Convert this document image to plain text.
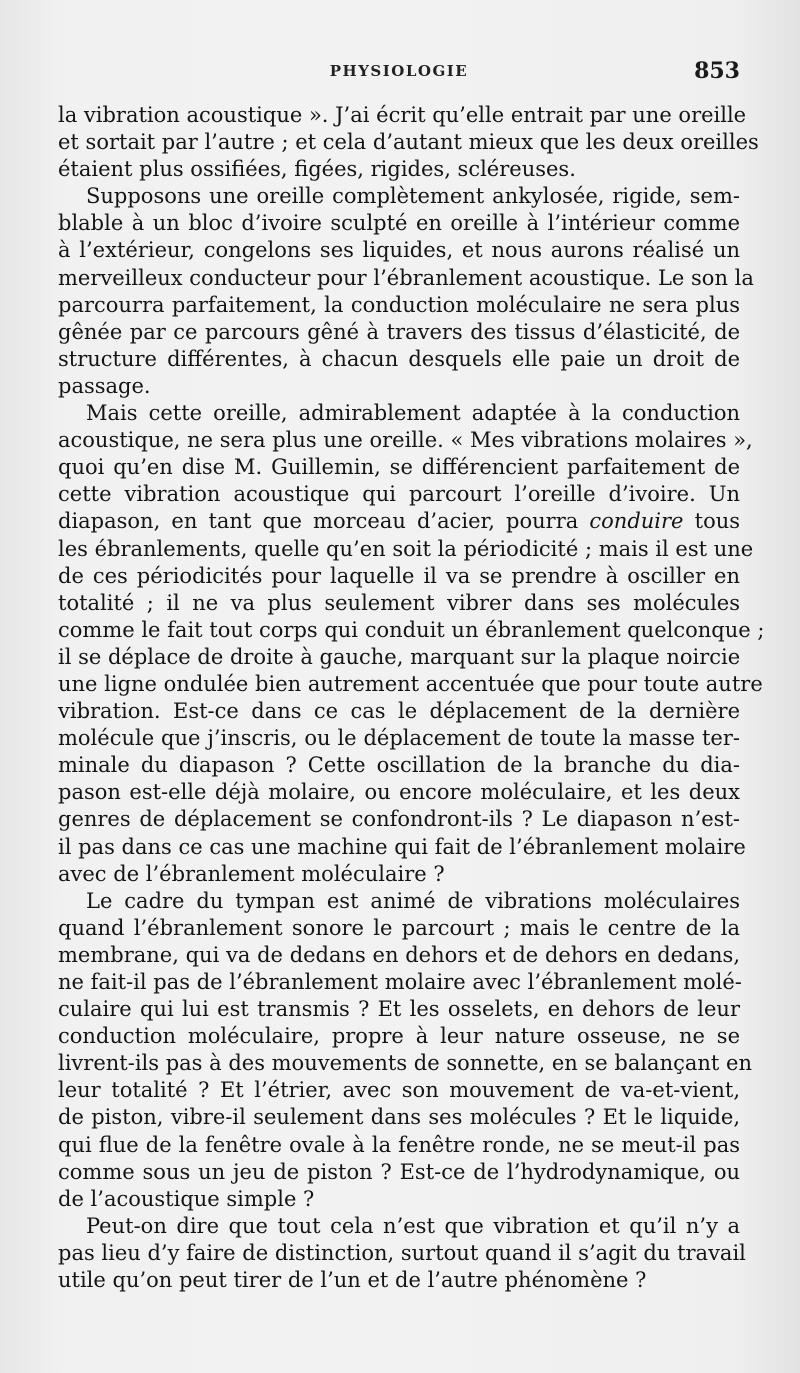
PHYSIOLOGIE	853
la vibration acoustique ». J’ai écrit qu’elle entrait par une oreille
et sortait par l’autre ; et cela d’autant mieux que les deux oreilles
étaient plus ossifiées, figées, rigides, scléreuses.
Supposons une oreille complètement ankylosée, rigide, sem-
blable à un bloc d’ivoire sculpté en oreille à l’intérieur comme
à l’extérieur, congelons ses liquides, et nous aurons réalisé un
merveilleux conducteur pour l’ébranlement acoustique. Le son la
parcourra parfaitement, la conduction moléculaire ne sera plus
gênée par ce parcours gêné à travers des tissus d’élasticité, de
structure différentes, à chacun desquels elle paie un droit de
passage.
Mais cette oreille, admirablement adaptée à la conduction
acoustique, ne sera plus une oreille. « Mes vibrations molaires »,
quoi qu’en dise M. Guillemin, se différencient parfaitement de
cette vibration acoustique qui parcourt l’oreille d’ivoire. Un
diapason, en tant que morceau d’acier, pourra conduire tous
les ébranlements, quelle qu’en soit la périodicité ; mais il est une
de ces périodicités pour laquelle il va se prendre à osciller en
totalité ; il ne va plus seulement vibrer dans ses molécules
comme le fait tout corps qui conduit un ébranlement quelconque ;
il se déplace de droite à gauche, marquant sur la plaque noircie
une ligne ondulée bien autrement accentuée que pour toute autre
vibration. Est-ce dans ce cas le déplacement de la dernière
molécule que j’inscris, ou le déplacement de toute la masse ter-
minale du diapason ? Cette oscillation de la branche du dia-
pason est-elle déjà molaire, ou encore moléculaire, et les deux
genres de déplacement se confondront-ils ? Le diapason n’est-
il pas dans ce cas une machine qui fait de l’ébranlement molaire
avec de l’ébranlement moléculaire ?
Le cadre du tympan est animé de vibrations moléculaires
quand l’ébranlement sonore le parcourt ; mais le centre de la
membrane, qui va de dedans en dehors et de dehors en dedans,
ne fait-il pas de l’ébranlement molaire avec l’ébranlement molé-
culaire qui lui est transmis ? Et les osselets, en dehors de leur
conduction moléculaire, propre à leur nature osseuse, ne se
livrent-ils pas à des mouvements de sonnette, en se balançant en
leur totalité ? Et l’étrier, avec son mouvement de va-et-vient,
de piston, vibre-il seulement dans ses molécules ? Et le liquide,
qui flue de la fenêtre ovale à la fenêtre ronde, ne se meut-il pas
comme sous un jeu de piston ? Est-ce de l’hydrodynamique, ou
de l’acoustique simple ?
Peut-on dire que tout cela n’est que vibration et qu’il n’y a
pas lieu d’y faire de distinction, surtout quand il s’agit du travail
utile qu’on peut tirer de l’un et de l’autre phénomène ?
